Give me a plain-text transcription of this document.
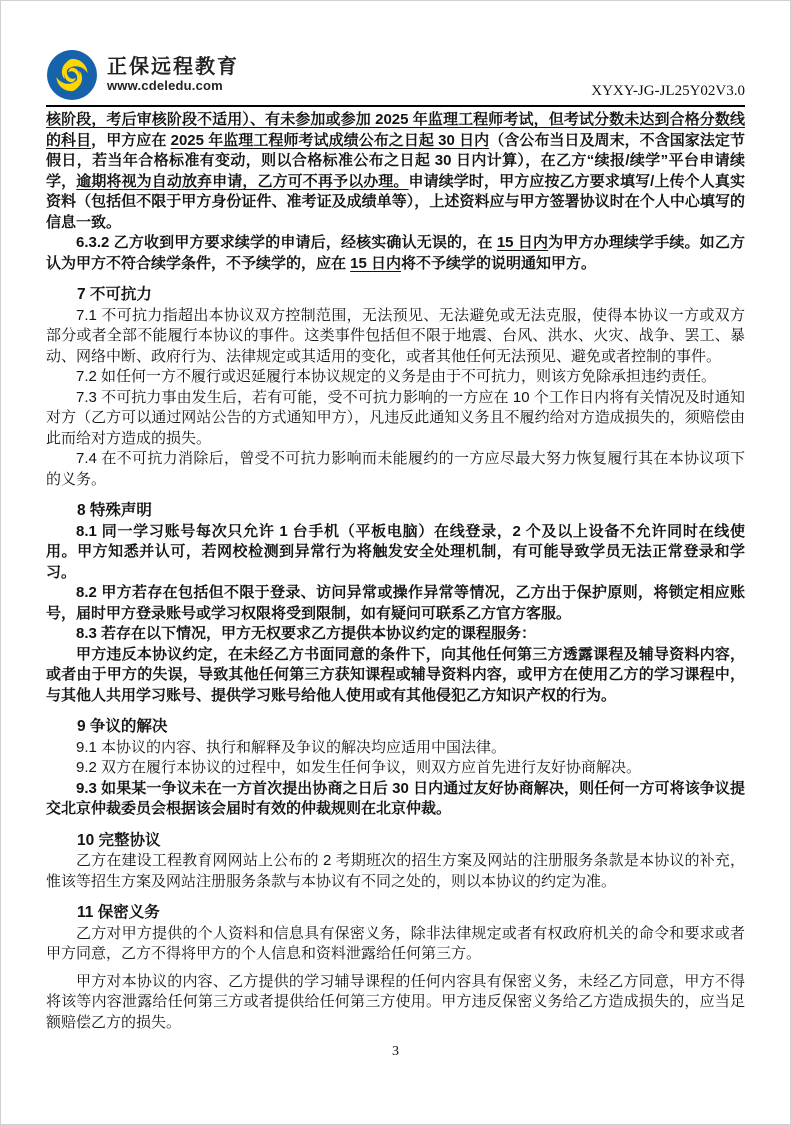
正保远程教育
www.cdeledu.com	XYXY-JG-JL25Y02V3.0

核阶段，考后审核阶段不适用）、有未参加或参加 2025 年监理工程师考试，但考试分数未达到合格分数线的科目，甲方应在 2025 年监理工程师考试成绩公布之日起 30 日内（含公布当日及周末，不含国家法定节假日，若当年合格标准有变动，则以合格标准公布之日起 30 日内计算），在乙方“续报/续学”平台申请续学，逾期将视为自动放弃申请，乙方可不再予以办理。申请续学时，甲方应按乙方要求填写/上传个人真实资料（包括但不限于甲方身份证件、准考证及成绩单等），上述资料应与甲方签署协议时在个人中心填写的信息一致。

6.3.2 乙方收到甲方要求续学的申请后，经核实确认无误的，在 15 日内为甲方办理续学手续。如乙方认为甲方不符合续学条件，不予续学的，应在 15 日内将不予续学的说明通知甲方。

7 不可抗力

7.1 不可抗力指超出本协议双方控制范围，无法预见、无法避免或无法克服，使得本协议一方或双方部分或者全部不能履行本协议的事件。这类事件包括但不限于地震、台风、洪水、火灾、战争、罢工、暴动、网络中断、政府行为、法律规定或其适用的变化，或者其他任何无法预见、避免或者控制的事件。

7.2 如任何一方不履行或迟延履行本协议规定的义务是由于不可抗力，则该方免除承担违约责任。

7.3 不可抗力事由发生后，若有可能，受不可抗力影响的一方应在 10 个工作日内将有关情况及时通知对方（乙方可以通过网站公告的方式通知甲方），凡违反此通知义务且不履约给对方造成损失的，须赔偿由此而给对方造成的损失。

7.4 在不可抗力消除后，曾受不可抗力影响而未能履约的一方应尽最大努力恢复履行其在本协议项下的义务。

8 特殊声明

8.1 同一学习账号每次只允许 1 台手机（平板电脑）在线登录，2 个及以上设备不允许同时在线使用。甲方知悉并认可，若网校检测到异常行为将触发安全处理机制，有可能导致学员无法正常登录和学习。

8.2 甲方若存在包括但不限于登录、访问异常或操作异常等情况，乙方出于保护原则，将锁定相应账号，届时甲方登录账号或学习权限将受到限制，如有疑问可联系乙方官方客服。

8.3 若存在以下情况，甲方无权要求乙方提供本协议约定的课程服务：

甲方违反本协议约定，在未经乙方书面同意的条件下，向其他任何第三方透露课程及辅导资料内容，或者由于甲方的失误，导致其他任何第三方获知课程或辅导资料内容，或甲方在使用乙方的学习课程中，与其他人共用学习账号、提供学习账号给他人使用或有其他侵犯乙方知识产权的行为。

9 争议的解决

9.1 本协议的内容、执行和解释及争议的解决均应适用中国法律。

9.2 双方在履行本协议的过程中，如发生任何争议，则双方应首先进行友好协商解决。

9.3 如果某一争议未在一方首次提出协商之日后 30 日内通过友好协商解决，则任何一方可将该争议提交北京仲裁委员会根据该会届时有效的仲裁规则在北京仲裁。

10 完整协议

乙方在建设工程教育网网站上公布的 2 考期班次的招生方案及网站的注册服务条款是本协议的补充，惟该等招生方案及网站注册服务条款与本协议有不同之处的，则以本协议的约定为准。

11 保密义务

乙方对甲方提供的个人资料和信息具有保密义务，除非法律规定或者有权政府机关的命令和要求或者甲方同意，乙方不得将甲方的个人信息和资料泄露给任何第三方。

甲方对本协议的内容、乙方提供的学习辅导课程的任何内容具有保密义务，未经乙方同意，甲方不得将该等内容泄露给任何第三方或者提供给任何第三方使用。甲方违反保密义务给乙方造成损失的，应当足额赔偿乙方的损失。

3
